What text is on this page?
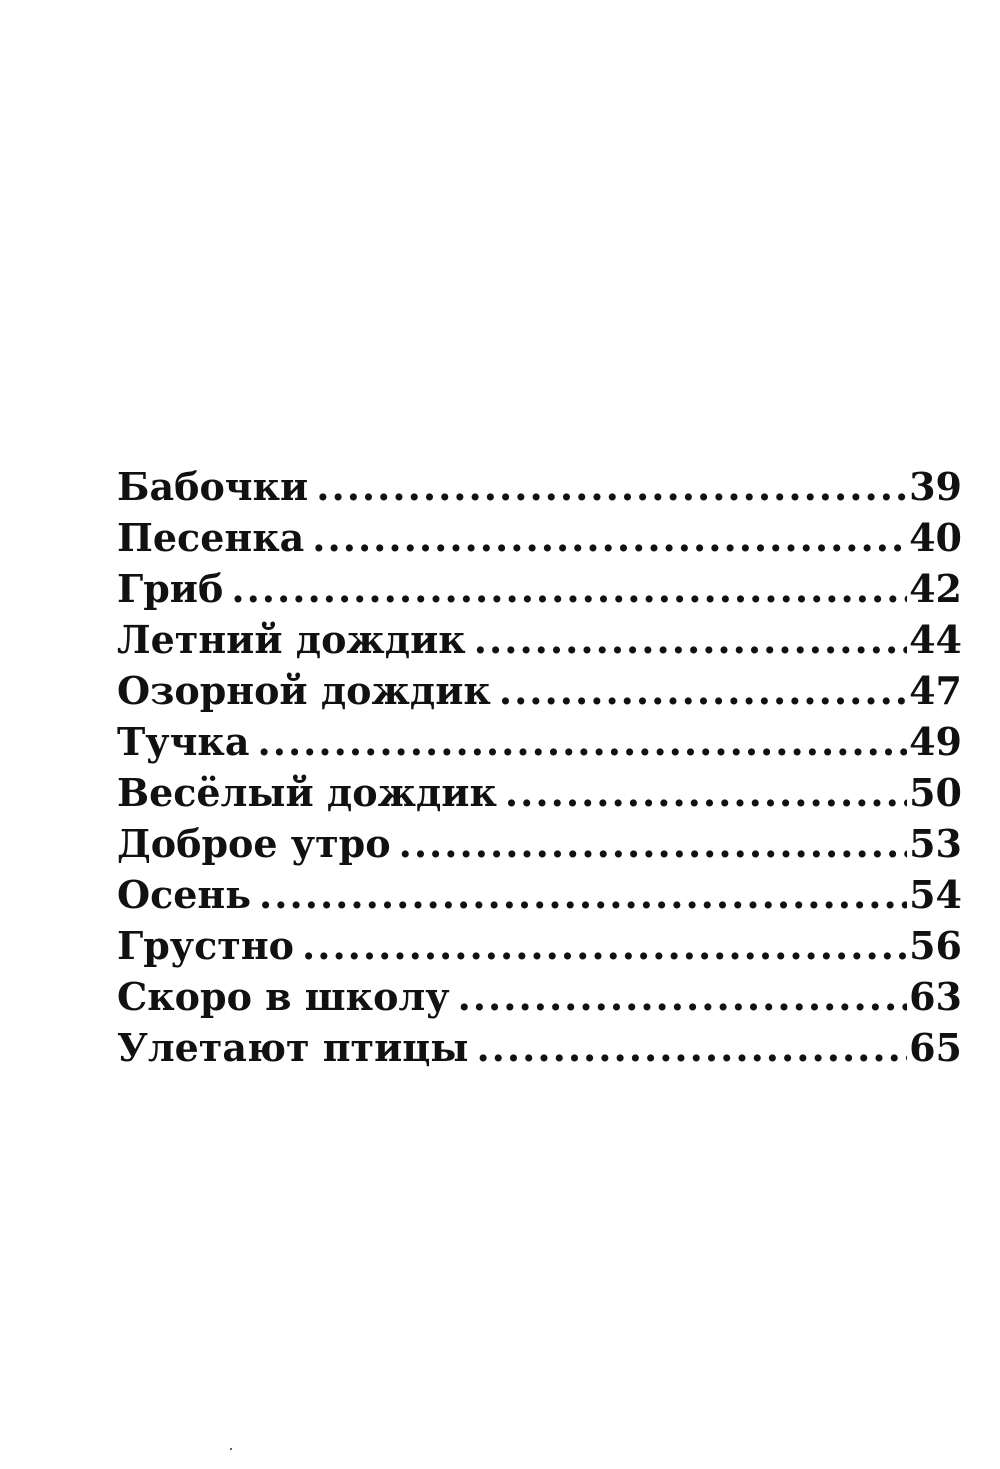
Бабочки .....	39
Песенка .....	40
Гриб .....	42
Летний дождик .....	44
Озорной дождик .....	47
Тучка .....	49
Весёлый дождик .....	50
Доброе утро .....	53
Осень .....	54
Грустно .....	56
Скоро в школу .....	63
Улетают птицы .....	65
